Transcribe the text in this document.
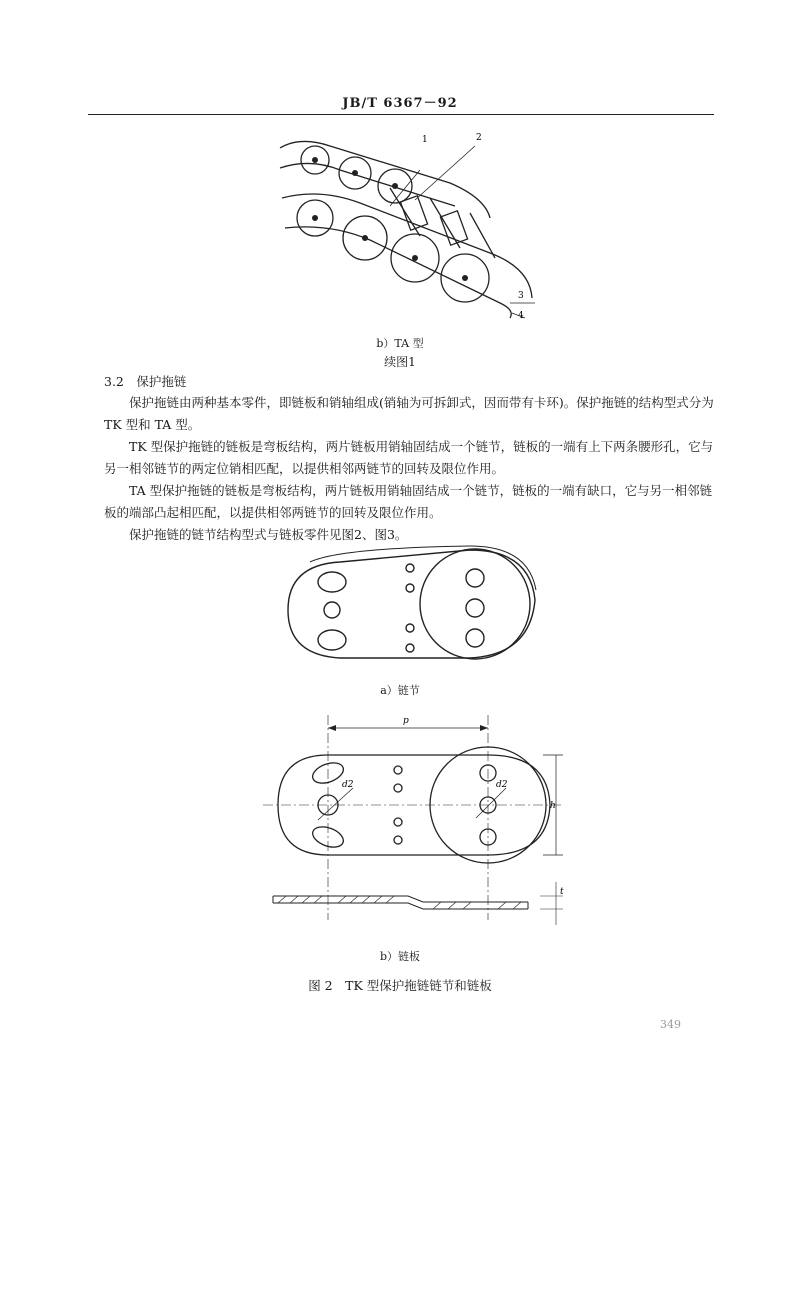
JB/T 6367－92
1	2
3
4
b）TA 型
续图1
3.2　 保护拖链
保护拖链由两种基本零件，即链板和销轴组成(销轴为可拆卸式，因而带有卡环)。保护拖链的结构型式分为 TK 型和 TA 型。
TK 型保护拖链的链板是弯板结构，两片链板用销轴固结成一个链节，链板的一端有上下两条腰形孔，它与另一相邻链节的两定位销相匹配，以提供相邻两链节的回转及限位作用。
TA 型保护拖链的链板是弯板结构，两片链板用销轴固结成一个链节，链板的一端有缺口，它与另一相邻链板的端部凸起相匹配，以提供相邻两链节的回转及限位作用。
保护拖链的链节结构型式与链板零件见图2、图3。
a）链节
p
d2	d2
h
t
b）链板
图 2　TK 型保护拖链链节和链板
349
